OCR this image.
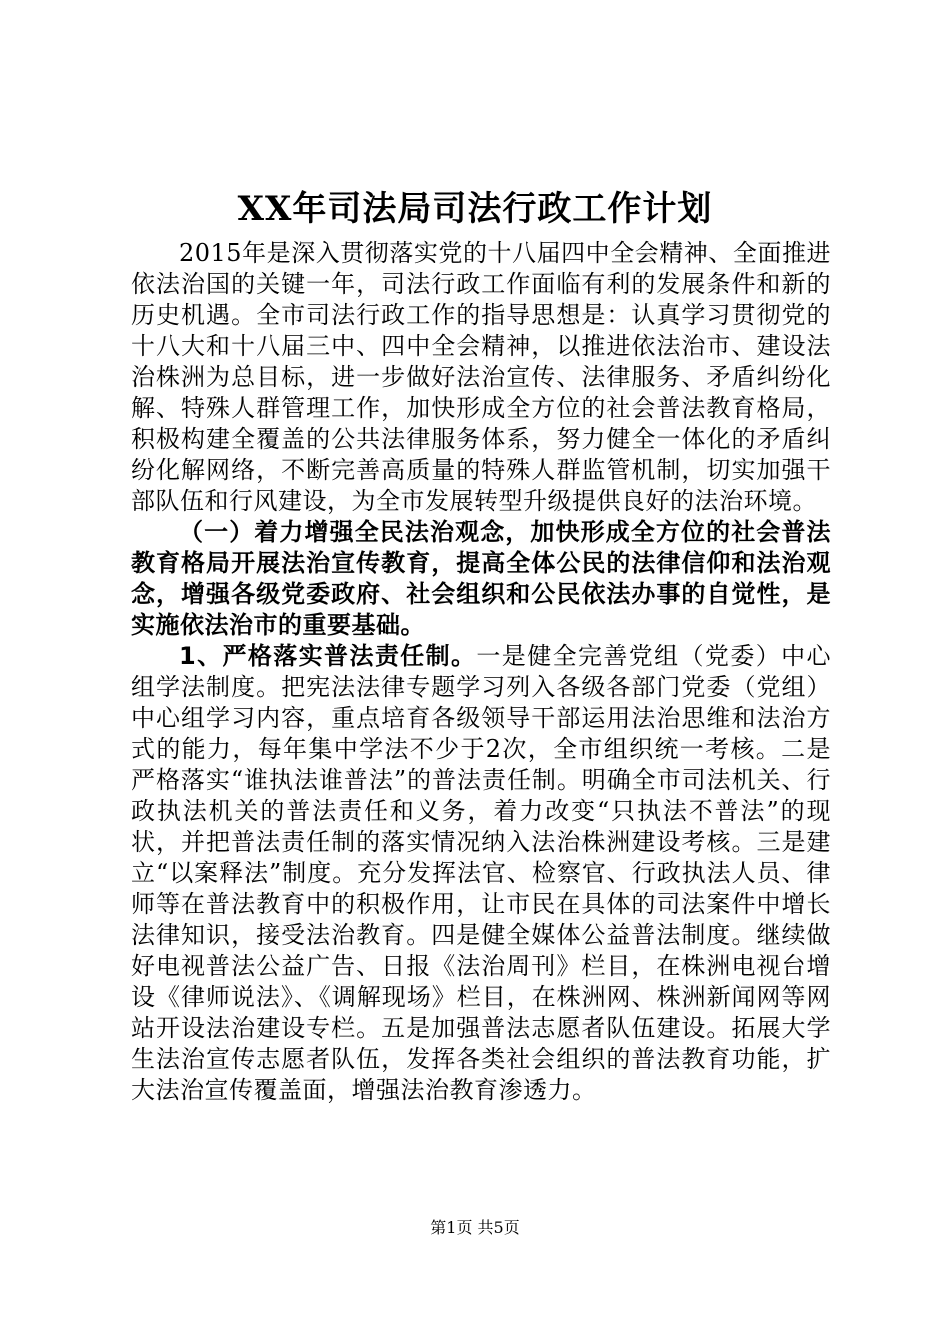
XX年司法局司法行政工作计划

2015年是深入贯彻落实党的十八届四中全会精神、全面推进依法治国的关键一年，司法行政工作面临有利的发展条件和新的历史机遇。全市司法行政工作的指导思想是：认真学习贯彻党的十八大和十八届三中、四中全会精神，以推进依法治市、建设法治株洲为总目标，进一步做好法治宣传、法律服务、矛盾纠纷化解、特殊人群管理工作，加快形成全方位的社会普法教育格局，积极构建全覆盖的公共法律服务体系，努力健全一体化的矛盾纠纷化解网络，不断完善高质量的特殊人群监管机制，切实加强干部队伍和行风建设，为全市发展转型升级提供良好的法治环境。

（一）着力增强全民法治观念，加快形成全方位的社会普法教育格局开展法治宣传教育，提高全体公民的法律信仰和法治观念，增强各级党委政府、社会组织和公民依法办事的自觉性，是实施依法治市的重要基础。

1、严格落实普法责任制。一是健全完善党组（党委）中心组学法制度。把宪法法律专题学习列入各级各部门党委（党组）中心组学习内容，重点培育各级领导干部运用法治思维和法治方式的能力，每年集中学法不少于2次，全市组织统一考核。二是严格落实“谁执法谁普法”的普法责任制。明确全市司法机关、行政执法机关的普法责任和义务，着力改变“只执法不普法”的现状，并把普法责任制的落实情况纳入法治株洲建设考核。三是建立“以案释法”制度。充分发挥法官、检察官、行政执法人员、律师等在普法教育中的积极作用，让市民在具体的司法案件中增长法律知识，接受法治教育。四是健全媒体公益普法制度。继续做好电视普法公益广告、日报《法治周刊》栏目，在株洲电视台增设《律师说法》、《调解现场》栏目，在株洲网、株洲新闻网等网站开设法治建设专栏。五是加强普法志愿者队伍建设。拓展大学生法治宣传志愿者队伍，发挥各类社会组织的普法教育功能，扩大法治宣传覆盖面，增强法治教育渗透力。

第1页 共5页
